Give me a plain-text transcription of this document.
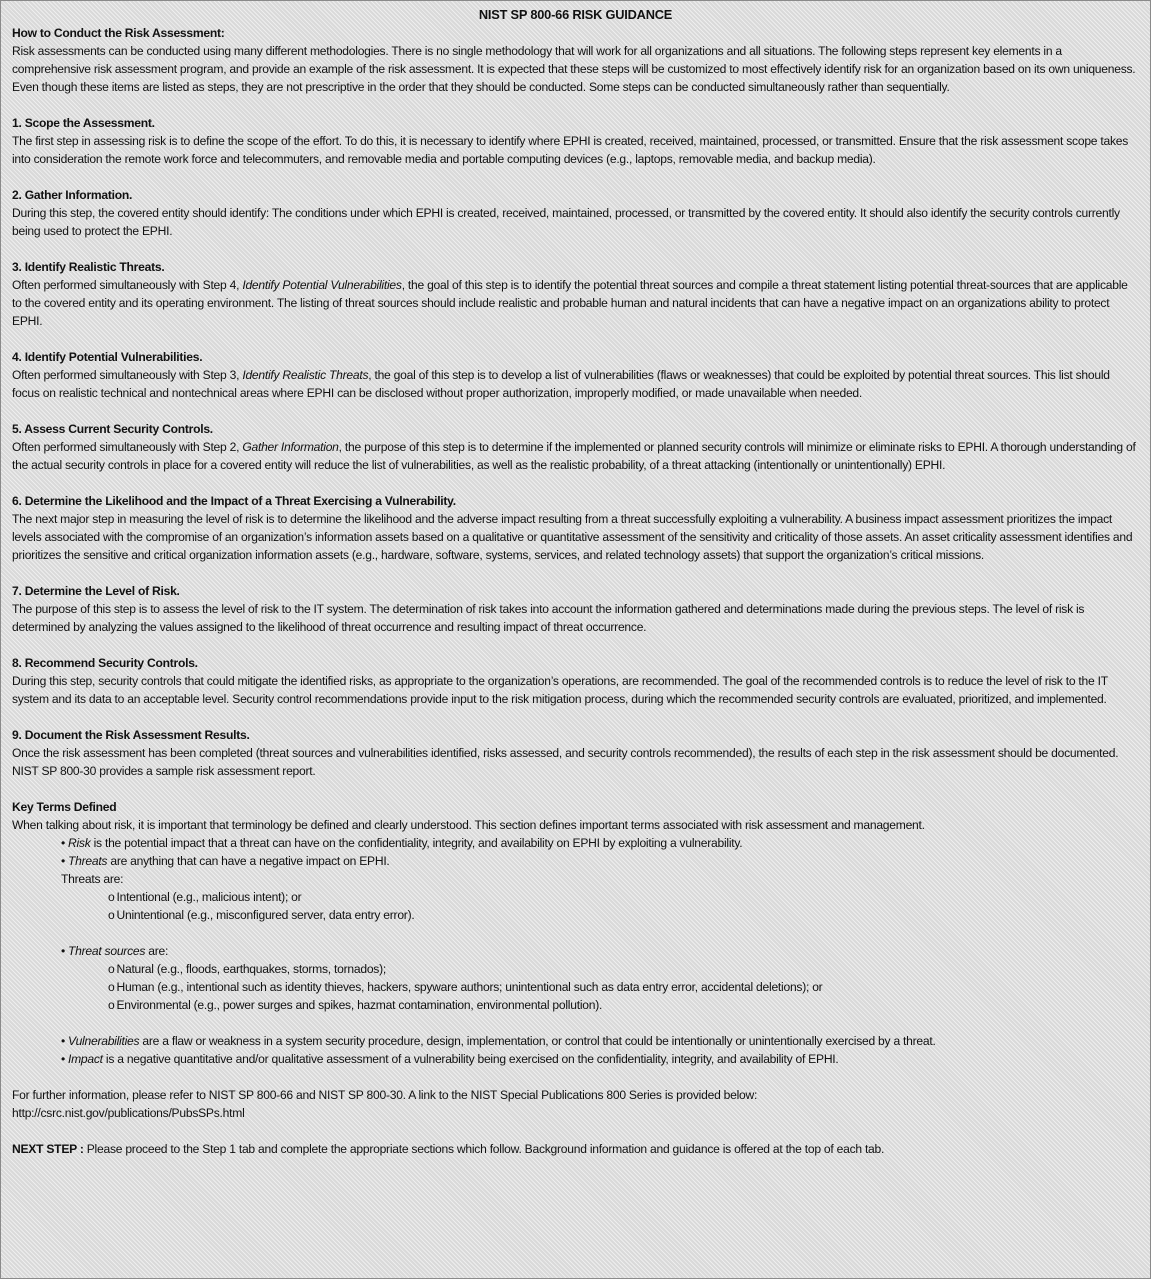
NIST SP 800-66 RISK GUIDANCE
How to Conduct the Risk Assessment:

Risk assessments can be conducted using many different methodologies. There is no single methodology that will work for all organizations and all situations. The following steps represent key elements in a comprehensive risk assessment program, and provide an example of the risk assessment. It is expected that these steps will be customized to most effectively identify risk for an organization based on its own uniqueness. Even though these items are listed as steps, they are not prescriptive in the order that they should be conducted. Some steps can be conducted simultaneously rather than sequentially.

1. Scope the Assessment.

The first step in assessing risk is to define the scope of the effort. To do this, it is necessary to identify where EPHI is created, received, maintained, processed, or transmitted. Ensure that the risk assessment scope takes into consideration the remote work force and telecommuters, and removable media and portable computing devices (e.g., laptops, removable media, and backup media).

2. Gather Information.

During this step, the covered entity should identify: The conditions under which EPHI is created, received, maintained, processed, or transmitted by the covered entity. It should also identify the security controls currently being used to protect the EPHI.

3. Identify Realistic Threats.

Often performed simultaneously with Step 4, Identify Potential Vulnerabilities, the goal of this step is to identify the potential threat sources and compile a threat statement listing potential threat-sources that are applicable to the covered entity and its operating environment. The listing of threat sources should include realistic and probable human and natural incidents that can have a negative impact on an organizations ability to protect EPHI.

4. Identify Potential Vulnerabilities.

Often performed simultaneously with Step 3, Identify Realistic Threats, the goal of this step is to develop a list of vulnerabilities (flaws or weaknesses) that could be exploited by potential threat sources. This list should focus on realistic technical and nontechnical areas where EPHI can be disclosed without proper authorization, improperly modified, or made unavailable when needed.

5. Assess Current Security Controls.

Often performed simultaneously with Step 2, Gather Information, the purpose of this step is to determine if the implemented or planned security controls will minimize or eliminate risks to EPHI. A thorough understanding of the actual security controls in place for a covered entity will reduce the list of vulnerabilities, as well as the realistic probability, of a threat attacking (intentionally or unintentionally) EPHI.

6. Determine the Likelihood and the Impact of a Threat Exercising a Vulnerability.

The next major step in measuring the level of risk is to determine the likelihood and the adverse impact resulting from a threat successfully exploiting a vulnerability. A business impact assessment prioritizes the impact levels associated with the compromise of an organization’s information assets based on a qualitative or quantitative assessment of the sensitivity and criticality of those assets. An asset criticality assessment identifies and prioritizes the sensitive and critical organization information assets (e.g., hardware, software, systems, services, and related technology assets) that support the organization’s critical missions.

7. Determine the Level of Risk.

The purpose of this step is to assess the level of risk to the IT system. The determination of risk takes into account the information gathered and determinations made during the previous steps. The level of risk is determined by analyzing the values assigned to the likelihood of threat occurrence and resulting impact of threat occurrence.

8. Recommend Security Controls.

During this step, security controls that could mitigate the identified risks, as appropriate to the organization’s operations, are recommended. The goal of the recommended controls is to reduce the level of risk to the IT system and its data to an acceptable level. Security control recommendations provide input to the risk mitigation process, during which the recommended security controls are evaluated, prioritized, and implemented.

9. Document the Risk Assessment Results.

Once the risk assessment has been completed (threat sources and vulnerabilities identified, risks assessed, and security controls recommended), the results of each step in the risk assessment should be documented. NIST SP 800-30 provides a sample risk assessment report.

Key Terms Defined

When talking about risk, it is important that terminology be defined and clearly understood. This section defines important terms associated with risk assessment and management.

• Risk is the potential impact that a threat can have on the confidentiality, integrity, and availability on EPHI by exploiting a vulnerability.
• Threats are anything that can have a negative impact on EPHI.
Threats are:
o Intentional (e.g., malicious intent); or
o Unintentional (e.g., misconfigured server, data entry error).
• Threat sources are:
o Natural (e.g., floods, earthquakes, storms, tornados);
o Human (e.g., intentional such as identity thieves, hackers, spyware authors; unintentional such as data entry error, accidental deletions); or
o Environmental (e.g., power surges and spikes, hazmat contamination, environmental pollution).
• Vulnerabilities are a flaw or weakness in a system security procedure, design, implementation, or control that could be intentionally or unintentionally exercised by a threat.
• Impact is a negative quantitative and/or qualitative assessment of a vulnerability being exercised on the confidentiality, integrity, and availability of EPHI.

For further information, please refer to NIST SP 800-66 and NIST SP 800-30. A link to the NIST Special Publications 800 Series is provided below:

http://csrc.nist.gov/publications/PubsSPs.html

NEXT STEP : Please proceed to the Step 1 tab and complete the appropriate sections which follow. Background information and guidance is offered at the top of each tab.
